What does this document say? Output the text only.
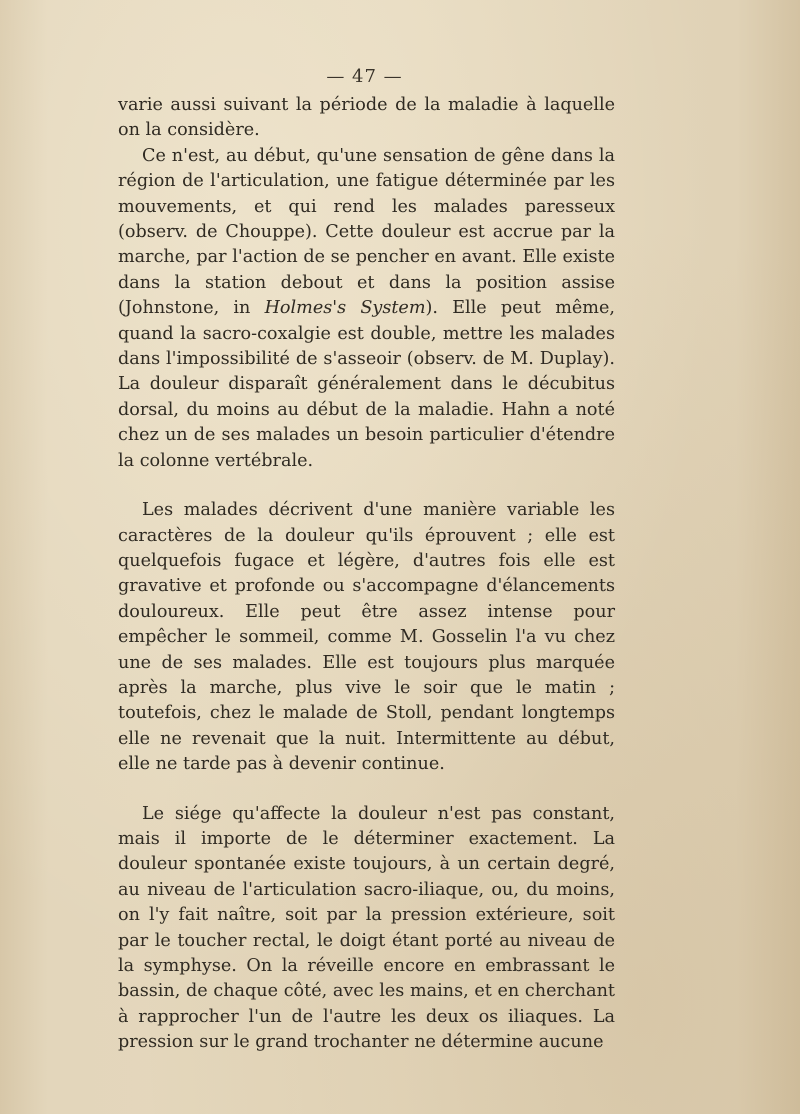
— 47 —

varie aussi suivant la période de la maladie à laquelle on la considère.

Ce n'est, au début, qu'une sensation de gêne dans la région de l'articulation, une fatigue déterminée par les mouvements, et qui rend les malades paresseux (observ. de Chouppe). Cette douleur est accrue par la marche, par l'action de se pencher en avant. Elle existe dans la station debout et dans la position assise (Johnstone, in Holmes's System). Elle peut même, quand la sacro-coxalgie est double, mettre les malades dans l'impossibilité de s'asseoir (observ. de M. Duplay). La douleur disparaît généralement dans le décubitus dorsal, du moins au début de la maladie. Hahn a noté chez un de ses malades un besoin particulier d'étendre la colonne vertébrale.

Les malades décrivent d'une manière variable les caractères de la douleur qu'ils éprouvent ; elle est quelquefois fugace et légère, d'autres fois elle est gravative et profonde ou s'accompagne d'élancements douloureux. Elle peut être assez intense pour empêcher le sommeil, comme M. Gosselin l'a vu chez une de ses malades. Elle est toujours plus marquée après la marche, plus vive le soir que le matin ; toutefois, chez le malade de Stoll, pendant longtemps elle ne revenait que la nuit. Intermittente au début, elle ne tarde pas à devenir continue.

Le siége qu'affecte la douleur n'est pas constant, mais il importe de le déterminer exactement. La douleur spontanée existe toujours, à un certain degré, au niveau de l'articulation sacro-iliaque, ou, du moins, on l'y fait naître, soit par la pression extérieure, soit par le toucher rectal, le doigt étant porté au niveau de la symphyse. On la réveille encore en embrassant le bassin, de chaque côté, avec les mains, et en cherchant à rapprocher l'un de l'autre les deux os iliaques. La pression sur le grand trochanter ne détermine aucune
